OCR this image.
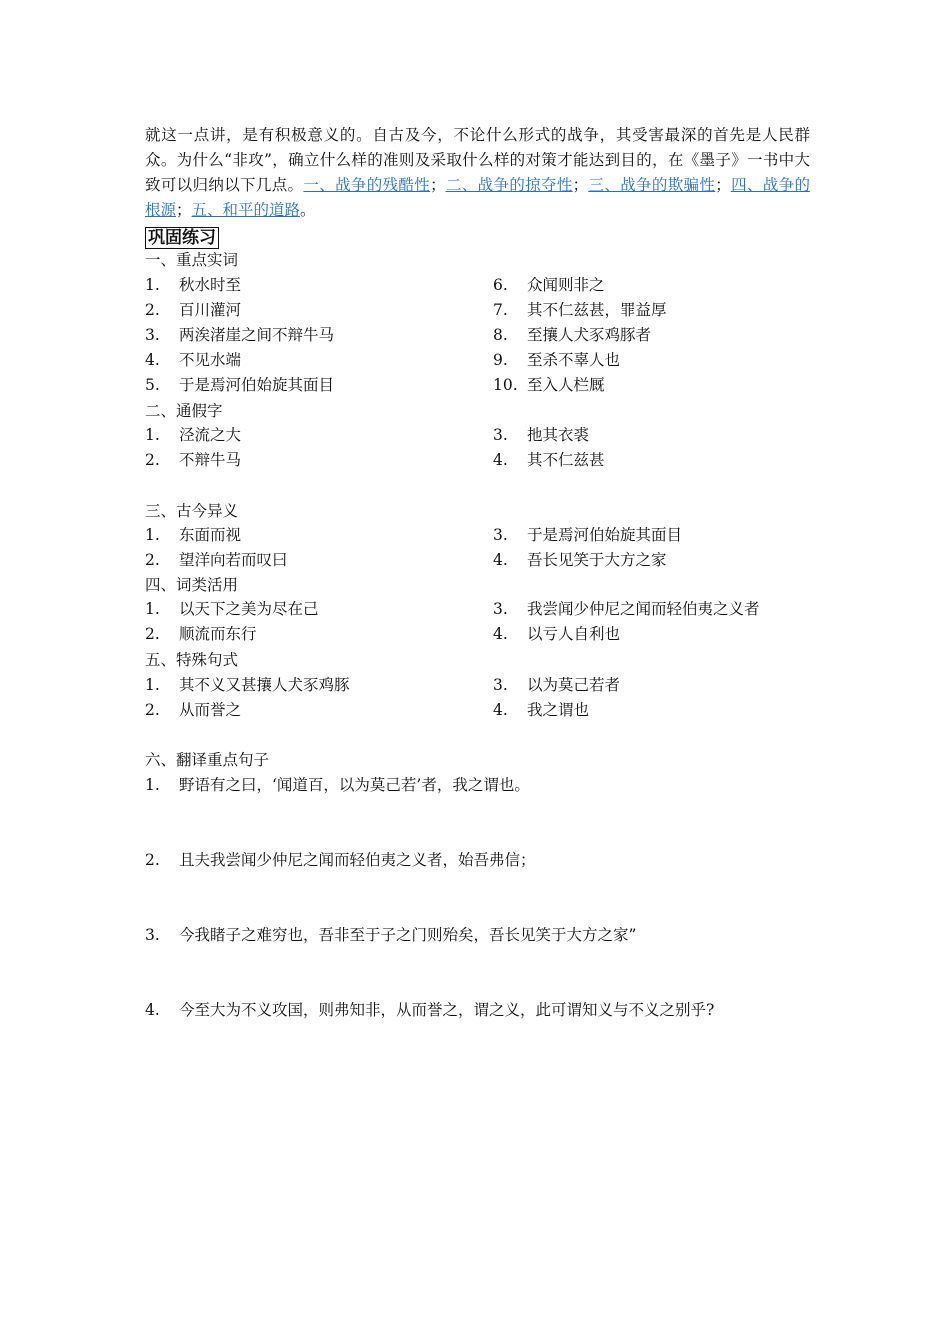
就这一点讲，是有积极意义的。自古及今，不论什么形式的战争，其受害最深的首先是人民群众。为什么“非攻”，确立什么样的准则及采取什么样的对策才能达到目的，在《墨子》一书中大致可以归纳以下几点。一、战争的残酷性；二、战争的掠夺性；三、战争的欺骗性；四、战争的根源；五、和平的道路。
巩固练习
一、重点实词
1. 秋水时至
2. 百川灌河
3. 两涘渚崖之间不辩牛马
4. 不见水端
5. 于是焉河伯始旋其面目
6. 众闻则非之
7. 其不仁兹甚，罪益厚
8. 至攘人犬豕鸡豚者
9. 至杀不辜人也
10. 至入人栏厩
二、通假字
1. 泾流之大
2. 不辩牛马
3. 扡其衣裘
4. 其不仁兹甚
三、古今异义
1. 东面而视
2. 望洋向若而叹曰
3. 于是焉河伯始旋其面目
4. 吾长见笑于大方之家
四、词类活用
1. 以天下之美为尽在己
2. 顺流而东行
3. 我尝闻少仲尼之闻而轻伯夷之义者
4. 以亏人自利也
五、特殊句式
1. 其不义又甚攘人犬豕鸡豚
2. 从而誉之
3. 以为莫己若者
4. 我之谓也
六、翻译重点句子
1. 野语有之曰，‘闻道百，以为莫己若’者，我之谓也。
2. 且夫我尝闻少仲尼之闻而轻伯夷之义者，始吾弗信；
3. 今我睹子之难穷也，吾非至于子之门则殆矣，吾长见笑于大方之家”
4. 今至大为不义攻国，则弗知非，从而誉之，谓之义，此可谓知义与不义之别乎?
